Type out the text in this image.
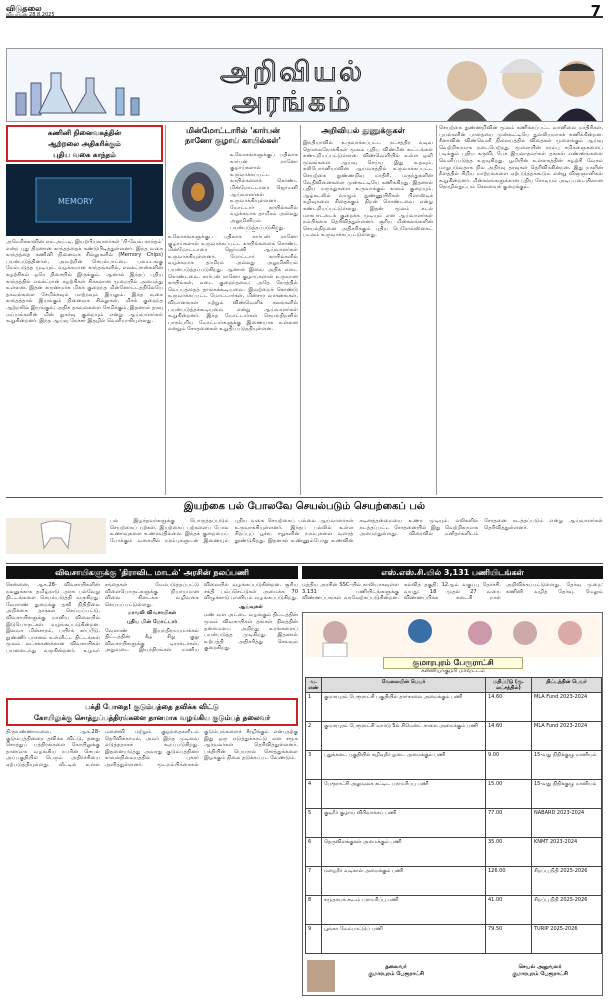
விடுதலை
வியாழன் 28.8.2025	7
அறிவியல்
அரங்கம்
கணினி நினைவகத்தின்
ஆற்றலை அதிகரிக்கும்
புதிய வகை காந்தம்
MEMORY
அமெரிக்காவின் எம்.அய்.டி. இயற்பியலாளர்கள் 'பி-வேவ் காந்தம்' என்ற புது திறனான காந்தத்தைக் கண்டுபிடித்துள்ளனர். இந்த வகை காந்தத்தை கணினி நினைவக சில்லுகளில் (Memory Chips) பயன்படுத்தினால், அவற்றின் செயல்பாட்டை பலமடங்கு மேம்படுத்த முடியும். வழக்கமான காந்தங்களில், எலக்ட்ரான்களின் சுழற்சிகள் ஒரே திசையில் இருக்கும். ஆனால் இந்தப் புதிய காந்தத்தில் எலக்ட்ரான் சுழற்சிகள் சிக்கலான முறையில் அமைந்து உள்ளன. இதன் காரணமாக மிகக் குறைந்த மின்னோட்டத்திலேயே தகவல்களை சேமிக்கவும் மாற்றவும் இயலும். இந்த வகை காந்தத்தால் இயங்கும் நினைவக சில்லுகள், மிகக் குறைந்த ஆற்றலில் இயங்கும்; அதிக தகவல்களை சேமிக்கும். இதனால் தரவு மய்யங்களின் மின் நுகர்வு குறையும் என்று ஆய்வாளர்கள் கூறுகின்றனர். இந்த ஆய்வு நேச்சர் இதழில் வெளியாகியுள்ளது.
மின்மோட்டாரில் 'கார்பன்
நானோ குழாய் காயில்கள்'
உலோகங்களுக்குப் பதிலாக கார்பன் நானோ குழாய்களால் உருவாக்கப்பட்ட காயில்களைக் கொண்ட மின்மோட்டாரை ஜெர்மனி ஆய்வாளர்கள் உருவாக்கியுள்ளனர். மோட்டார் காயில்களில் வழக்கமாக தாமிரம் அல்லது அலுமினியம் பயன்படுத்தப்படுகிறது.
உலோகங்களுக்குப் பதிலாக கார்பன் நானோ குழாய்களால் உருவாக்கப்பட்ட காயில்களைக் கொண்ட மின்மோட்டாரை ஜெர்மனி ஆய்வாளர்கள் உருவாக்கியுள்ளனர். மோட்டார் காயில்களில் வழக்கமாக தாமிரம் அல்லது அலுமினியம் பயன்படுத்தப்படுகிறது. ஆனால் இவை அதிக எடை கொண்டவை. கார்பன் நானோ குழாய்களால் உருவான காயில்கள், எடை குறைந்தவை; அதே நேரத்தில் வெப்பத்தைத் தாங்கக்கூடியவை. இவற்றைக் கொண்டு உருவாக்கப்பட்ட மோட்டார்கள், மின்சார வாகனங்கள், விமானங்கள் மற்றும் விண்வெளிக் கலங்களில் பயன்படுத்தக்கூடியவை என்று ஆய்வாளர்கள் கூறுகின்றனர். இந்த மோட்டார்கள் செயல்திறனில் பாரம்பரிய மோட்டார்களுக்கு இணையாக உள்ளன என்றும் சோதனைகள் உறுதிப்படுத்தியுள்ளன.
அறிவியல் துணுக்குகள்
இந்தியாவில் உருவாக்கப்பட்ட நட்சத்திர வடிவ தொலைநோக்கிகள் மூலம் புதிய விண்மீன் கூட்டங்கள் கண்டறியப்பட்டுள்ளன. விண்வெளியில் உள்ள ஒளி மூலங்களை ஆய்வு செய்ய இது உதவும். கலிபோர்னியாவின் ஆய்வகத்தில் உருவாக்கப்பட்ட செயற்கை நுண்ணறிவு மாதிரி, மருந்துகளின் வேதிவினைகளை முன்கூட்டியே கணிக்கிறது. இதனால் புதிய மருந்துகளை உருவாக்கும் காலம் குறையும். ஆழ்கடலில் வாழும் நுண்ணுயிரிகள் பிளாஸ்டிக் கழிவுகளை சிதைக்கும் திறன் கொண்டவை என்று கண்டறியப்பட்டுள்ளது. இதன் மூலம் கடல் மாசுபாட்டைக் குறைக்க முடியும் என ஆய்வாளர்கள் நம்பிக்கை தெரிவித்துள்ளனர். சூரிய மின்கலங்களின் செயல்திறனை அதிகரிக்கும் புதிய பெரோவ்ஸ்கைட் படலம் உருவாக்கப்பட்டுள்ளது.
செயற்கை நுண்ணறிவின் மூலம் கணிக்கப்பட்ட வானிலை மாதிரிகள், புயல்களின் பாதையை முன்கூட்டியே துல்லியமாகக் கணிக்கின்றன. சீனாவின் விண்வெளி நிலையத்தில் விதைகள் முளைக்கும் ஆய்வு வெற்றிகரமாக நடைபெற்றது. மூளையின் நரம்பு சமிக்ஞைகளைப் படிக்கும் புதிய கருவி, பேச இயலாதவர்கள் தங்கள் எண்ணங்களை வெளிப்படுத்த உதவுகிறது. பூமியின் உள்ளகத்தின் சுழற்சி வேகம் மாறுபடுவதாக நில அதிர்வு தரவுகள் தெரிவிக்கின்றன. இது நாளின் நீளத்தில் சிறிய மாற்றங்களை ஏற்படுத்தக்கூடும் என்று விஞ்ஞானிகள் கூறுகின்றனர். மின்கலங்களுக்கான புதிய சோடியம் அடிப்படையிலான தொழில்நுட்பம் செலவைக் குறைக்கும்.
இயற்கை பல் போலவே செயல்படும் செயற்கைப் பல்
பல் இழந்தவர்களுக்கு பொருத்தப்படும் செயற்கைப் பற்கள், இயற்கைப் பற்களைப் போல உணர்வுகளை உணர்வதில்லை. இந்தக் குறையைப் போக்கும் வகையில் நரம்புகளுடன் இணையும் புதிய வகை செயற்கைப் பல்லை ஆய்வாளர்கள் உருவாக்கியுள்ளனர். இந்தப் பல்லில் உள்ள சிறப்புப் பூச்சு, ஈறுகளின் நரம்புகளை வளரத் தூண்டுகிறது. இதனால் உண்ணும்போது உணவின் கடினத்தன்மையை உணர முடியும். எலிகளில் நடத்தப்பட்ட சோதனையில் இது வெற்றிகரமாக அமைந்துள்ளது. விரைவில் மனிதர்களிடம் சோதனை நடத்தப்படும் என்று ஆய்வாளர்கள் தெரிவித்துள்ளனர்.
விவசாயிகளுக்கு 'திராவிட மாடல்' அரசின் நலப்பணி

சென்னை, ஆக.28- விவசாயிகளின் நலனுக்காக தமிழ்நாடு அரசு பல்வேறு திட்டங்களை செயல்படுத்தி வருகிறது. வேளாண் துறைக்கு தனி நிதிநிலை அறிக்கை தாக்கல் செய்யப்பட்டு, விவசாயிகளுக்கு மானிய விலையில் இடுபொருட்கள் வழங்கப்படுகின்றன. இலவச மின்சாரம், பயிர்க் காப்பீடு, நுண்ணீர் பாசனம் உள்ளிட்ட திட்டங்கள் மூலம் லட்சக்கணக்கான விவசாயிகள் பயனடைந்து வருகின்றனர். உழவர் சந்தைகள் மேம்படுத்தப்பட்டு விளைபொருட்களுக்கு நியாயமான விலை கிடைக்க வழிவகை செய்யப்பட்டுள்ளது.

மாவலி விவசாயிகள்

புதிய மின் மோட்டார்

வேளாண் இயந்திரமயமாக்கல் திட்டத்தின் கீழ் சிறு குறு விவசாயிகளுக்கு டிராக்டர்கள், அறுவடை இயந்திரங்கள் மானிய விலையில் வழங்கப்படுகின்றன. சூரிய சக்தி பம்ப்செட்டுகள் அமைக்க 70 விழுக்காடு மானியம் வழங்கப்படுகிறது.

ஆய்வுகள்

மண் வள அட்டை வழங்கும் திட்டத்தின் மூலம் விவசாயிகள் தங்கள் நிலத்தின் தன்மையை அறிந்து உரங்களைப் பயன்படுத்த முடிகிறது. இதனால் உற்பத்தி அதிகரித்து செலவும் குறைகிறது.

எஸ்.எஸ்.சி.யில் 3,131 பணியிடங்கள்
மத்திய அரசின் SSC-யில் காலியாகவுள்ள 3,131 பணியிடங்களுக்கு விண்ணப்பங்கள் வரவேற்கப்படுகின்றன. கல்வித் தகுதி: 12ஆம் வகுப்பு தேர்ச்சி. வயது: 18 முதல் 27 வரை. விண்ணப்பிக்க கடைசி நாள் அறிவிக்கப்பட்டுள்ளது. தேர்வு முறை: கணினி வழித் தேர்வு. மேலும்
குமாரபுரம் பேரூராட்சி
கன்னியாகுமரி மாவட்டம்
வ. எண்	வேலையின் பெயர்	மதிப்பீடு (ரூ. லட்சத்தில்)	திட்டத்தின் பெயர்
1	குமாரபுரம் பேரூராட்சி பகுதியில் தார்சாலை அமைக்கும் பணி	14.60	MLA Fund 2023-2024
2	குமாரபுரம் பேரூராட்சி வார்டு 5ல் சிமென்ட் சாலை அமைக்கும் பணி	14.60	MLA Fund 2023-2024
3	புதுக்கடை பகுதியில் கழிவுநீர் ஓடை அமைக்கும் பணி	9.00	15-வது நிதிக்குழு மானியம்
4	பேரூராட்சி அலுவலக கட்டிட பராமரிப்பு பணி	15.00	15-வது நிதிக்குழு மானியம்
5	குடிநீர் குழாய் விரிவாக்கப் பணி	77.00	NABARD 2023-2024
6	தெருவிளக்குகள் அமைக்கும் பணி	35.00	KNMT 2023-2024
7	மழைநீர் வடிகால் அமைக்கும் பணி	126.00	சிறப்பு நிதி 2025-2026
8	சமுதாயக் கூடம் பராமரிப்பு பணி	41.00	சிறப்பு நிதி 2025-2026
9	பூங்கா மேம்பாட்டுப் பணி	79.50	TURIP 2025-2026
தலைவர்
குமாரபுரம் பேரூராட்சி
செயல் அலுவலர்
குமாரபுரம் பேரூராட்சி
பக்தி போதை! குடும்பத்தை தவிக்க விட்டு
கோயிலுக்கு சொத்துப்பத்திரங்களை தானமாக வழங்கிய குடும்பத் தலைவர்
திருவண்ணாமலை, ஆக.28- குடும்பத்தினரை தவிக்க விட்டு, தனது சொத்துப் பத்திரங்களை கோயிலுக்கு தானமாக வழங்கிய நபரின் செயல் அப்பகுதியில் பெரும் அதிர்ச்சியை ஏற்படுத்தியுள்ளது. வீட்டில் உள்ள மனைவி மற்றும் குழந்தைகளிடம் தெரிவிக்காமல், அவர் இந்த முடிவை எடுத்ததாகக் கூறப்படுகிறது. இதனையடுத்து அவரது குடும்பத்தினர் காவல்நிலையத்தில் புகார் அளித்துள்ளனர். மூடநம்பிக்கைகள் குடும்பங்களைச் சீரழிக்கும் என்பதற்கு இது ஒரு எடுத்துக்காட்டு என சமூக ஆர்வலர்கள் தெரிவித்துள்ளனர். பக்தியின் பெயரால் சொத்துக்களை இழக்கும் நிலை தடுக்கப்பட வேண்டும்.
